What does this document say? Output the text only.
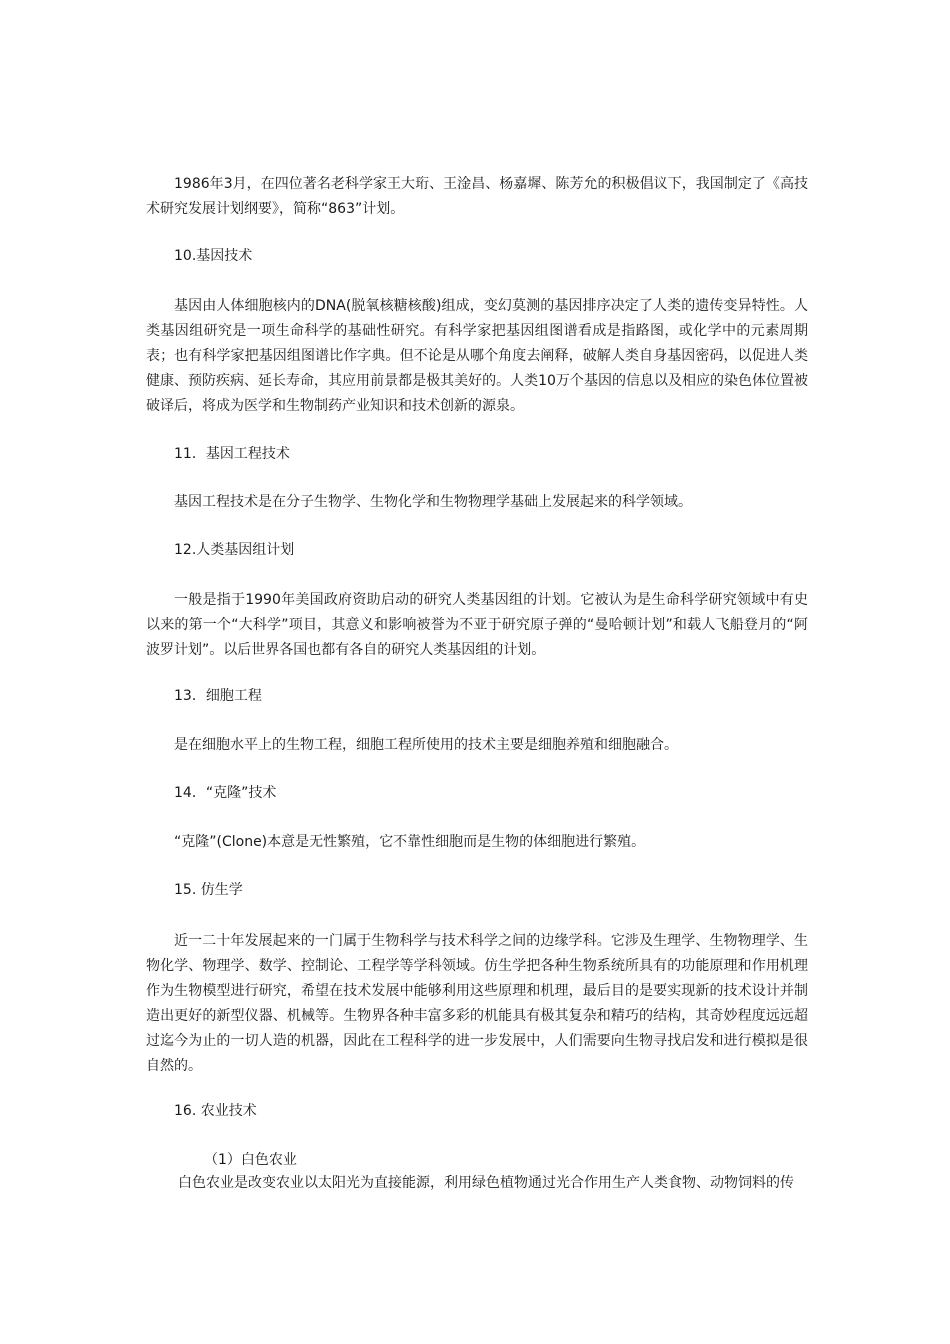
1986年3月，在四位著名老科学家王大珩、王淦昌、杨嘉墀、陈芳允的积极倡议下，我国制定了《高技术研究发展计划纲要》，简称“863”计划。

10.基因技术

基因由人体细胞核内的DNA(脱氧核糖核酸)组成，变幻莫测的基因排序决定了人类的遗传变异特性。人类基因组研究是一项生命科学的基础性研究。有科学家把基因组图谱看成是指路图，或化学中的元素周期表；也有科学家把基因组图谱比作字典。但不论是从哪个角度去阐释，破解人类自身基因密码，以促进人类健康、预防疾病、延长寿命，其应用前景都是极其美好的。人类10万个基因的信息以及相应的染色体位置被破译后，将成为医学和生物制药产业知识和技术创新的源泉。

11．基因工程技术

基因工程技术是在分子生物学、生物化学和生物物理学基础上发展起来的科学领域。

12.人类基因组计划

一般是指于1990年美国政府资助启动的研究人类基因组的计划。它被认为是生命科学研究领域中有史以来的第一个“大科学”项目，其意义和影响被誉为不亚于研究原子弹的“曼哈顿计划”和载人飞船登月的“阿波罗计划”。以后世界各国也都有各自的研究人类基因组的计划。

13．细胞工程

是在细胞水平上的生物工程，细胞工程所使用的技术主要是细胞养殖和细胞融合。

14．“克隆”技术

“克隆”(Clone)本意是无性繁殖，它不靠性细胞而是生物的体细胞进行繁殖。

15. 仿生学

近一二十年发展起来的一门属于生物科学与技术科学之间的边缘学科。它涉及生理学、生物物理学、生物化学、物理学、数学、控制论、工程学等学科领域。仿生学把各种生物系统所具有的功能原理和作用机理作为生物模型进行研究，希望在技术发展中能够利用这些原理和机理，最后目的是要实现新的技术设计并制造出更好的新型仪器、机械等。生物界各种丰富多彩的机能具有极其复杂和精巧的结构，其奇妙程度远远超过迄今为止的一切人造的机器，因此在工程科学的进一步发展中，人们需要向生物寻找启发和进行模拟是很自然的。

16. 农业技术

（1）白色农业

白色农业是改变农业以太阳光为直接能源，利用绿色植物通过光合作用生产人类食物、动物饲料的传
